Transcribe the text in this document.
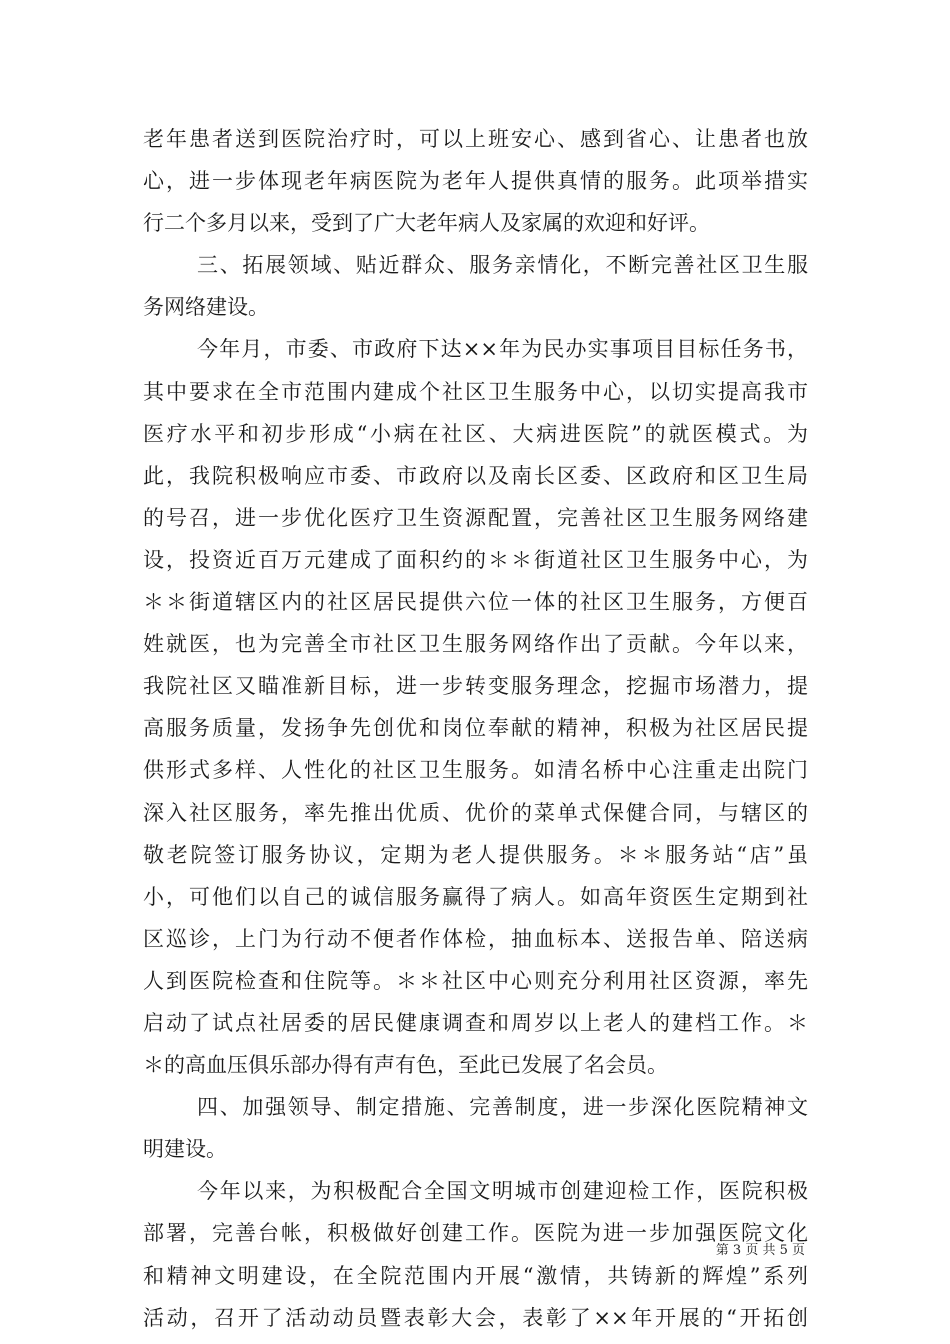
老年患者送到医院治疗时，可以上班安心、感到省心、让患者也放
心，进一步体现老年病医院为老年人提供真情的服务。此项举措实
行二个多月以来，受到了广大老年病人及家属的欢迎和好评。
三、拓展领域、贴近群众、服务亲情化，不断完善社区卫生服
务网络建设。
今年月，市委、市政府下达××年为民办实事项目目标任务书，
其中要求在全市范围内建成个社区卫生服务中心，以切实提高我市
医疗水平和初步形成“小病在社区、大病进医院”的就医模式。为
此，我院积极响应市委、市政府以及南长区委、区政府和区卫生局
的号召，进一步优化医疗卫生资源配置，完善社区卫生服务网络建
设，投资近百万元建成了面积约的＊＊街道社区卫生服务中心，为
＊＊街道辖区内的社区居民提供六位一体的社区卫生服务，方便百
姓就医，也为完善全市社区卫生服务网络作出了贡献。今年以来，
我院社区又瞄准新目标，进一步转变服务理念，挖掘市场潜力，提
高服务质量，发扬争先创优和岗位奉献的精神，积极为社区居民提
供形式多样、人性化的社区卫生服务。如清名桥中心注重走出院门
深入社区服务，率先推出优质、优价的菜单式保健合同，与辖区的
敬老院签订服务协议，定期为老人提供服务。＊＊服务站“店”虽
小，可他们以自己的诚信服务赢得了病人。如高年资医生定期到社
区巡诊，上门为行动不便者作体检，抽血标本、送报告单、陪送病
人到医院检查和住院等。＊＊社区中心则充分利用社区资源，率先
启动了试点社居委的居民健康调查和周岁以上老人的建档工作。＊
＊的高血压俱乐部办得有声有色，至此已发展了名会员。
四、加强领导、制定措施、完善制度，进一步深化医院精神文
明建设。
今年以来，为积极配合全国文明城市创建迎检工作，医院积极
部署，完善台帐，积极做好创建工作。医院为进一步加强医院文化
和精神文明建设，在全院范围内开展“激情，共铸新的辉煌”系列
活动，召开了活动动员暨表彰大会，表彰了××年开展的“开拓创
第 3 页 共 5 页
